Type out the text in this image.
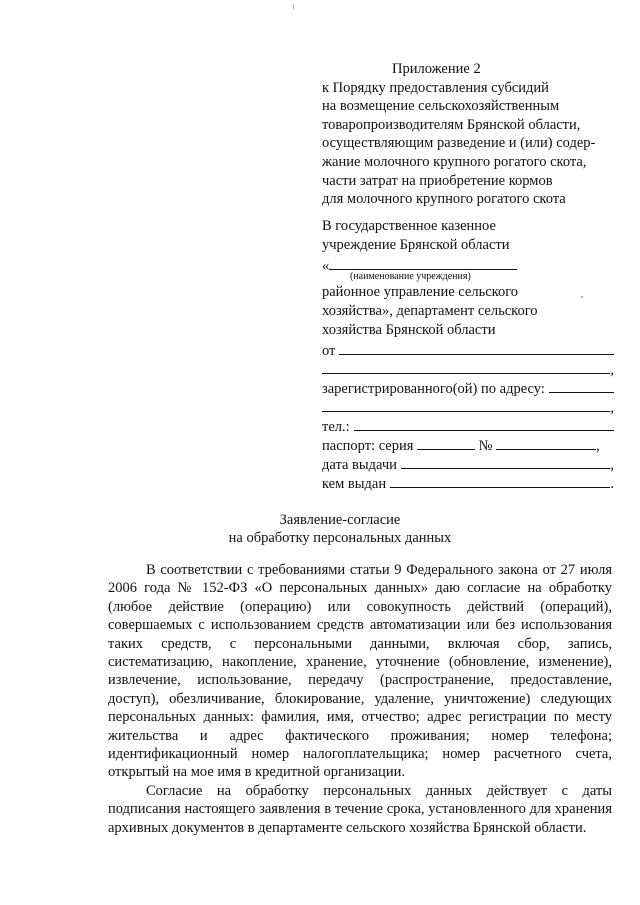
Приложение 2
к Порядку предоставления субсидий
на возмещение сельскохозяйственным
товаропроизводителям Брянской области,
осуществляющим разведение и (или) содер-
жание молочного крупного рогатого скота,
части затрат на приобретение кормов
для молочного крупного рогатого скота
В государственное казенное
учреждение Брянской области
«
(наименование учреждения)
районное управление сельского
хозяйства», департамент сельского
хозяйства Брянской области
от
,
зарегистрированного(ой) по адресу:
,
тел.:
паспорт: серия	№	,
дата выдачи	,
кем выдан	.
Заявление-согласие
на обработку персональных данных

В соответствии с требованиями статьи 9 Федерального закона от 27 июля 2006 года № 152-ФЗ «О персональных данных» даю согласие на обработку (любое действие (операцию) или совокупность действий (операций), совершаемых с использованием средств автоматизации или без использования таких средств, с персональными данными, включая сбор, запись, систематизацию, накопление, хранение, уточнение (обновление, изменение), извлечение, использование, передачу (распространение, предоставление, доступ), обезличивание, блокирование, удаление, уничтожение) следующих персональных данных: фамилия, имя, отчество; адрес регистрации по месту жительства и адрес фактического проживания; номер телефона; идентификационный номер налогоплательщика; номер расчетного счета, открытый на мое имя в кредитной организации.

Согласие на обработку персональных данных действует с даты подписания настоящего заявления в течение срока, установленного для хранения архивных документов в департаменте сельского хозяйства Брянской области.
